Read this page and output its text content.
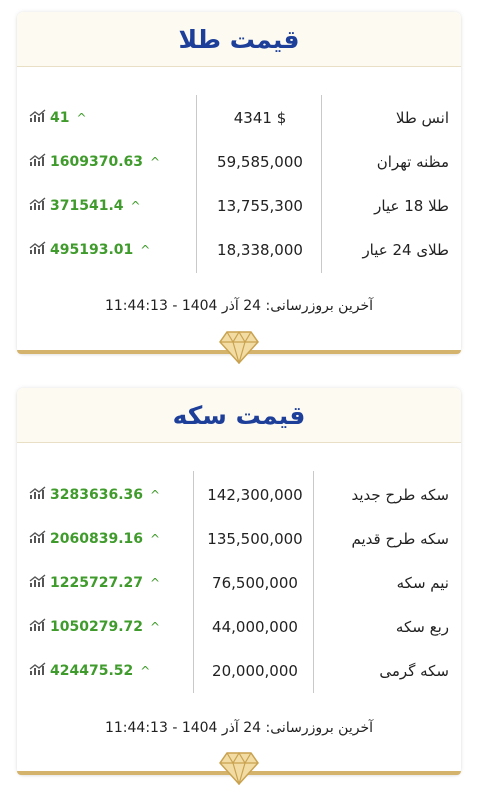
قیمت طلا
41 ^	4341 $	انس طلا
1609370.63 ^	59,585,000	مظنه تهران
371541.4 ^	13,755,300	طلا 18 عیار
495193.01 ^	18,338,000	طلای 24 عیار
آخرین بروزرسانی: 24 آذر 1404 - 11:44:13
قیمت سکه
3283636.36 ^	142,300,000	سکه طرح جدید
2060839.16 ^	135,500,000	سکه طرح قدیم
1225727.27 ^	76,500,000	نیم سکه
1050279.72 ^	44,000,000	ربع سکه
424475.52 ^	20,000,000	سکه گرمی
آخرین بروزرسانی: 24 آذر 1404 - 11:44:13
